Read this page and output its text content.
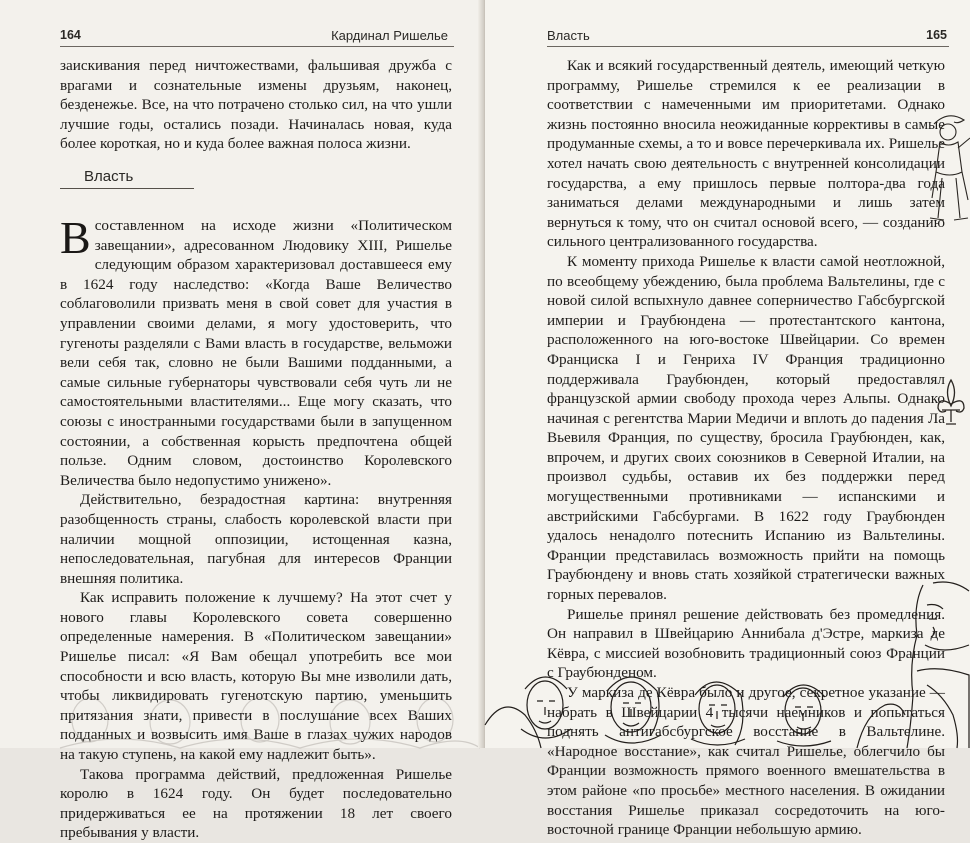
164	Кардинал Ришелье

заискивания перед ничтожествами, фальшивая дружба с врагами и сознательные измены друзьям, наконец, безденежье. Все, на что потрачено столько сил, на что ушли лучшие годы, остались позади. Начиналась новая, куда более короткая, но и куда более важная полоса жизни.

Власть

Всоставленном на исходе жизни «Политическом завещании», адресованном Людовику XIII, Ришелье следующим образом характеризовал доставшееся ему в 1624 году наследство: «Когда Ваше Величество соблаговолили призвать меня в свой совет для участия в управлении своими делами, я могу удостоверить, что гугеноты разделяли с Вами власть в государстве, вельможи вели себя так, словно не были Вашими подданными, а самые сильные губернаторы чувствовали себя чуть ли не самостоятельными властителями... Еще могу сказать, что союзы с иностранными государствами были в запущенном состоянии, а собственная корысть предпочтена общей пользе. Одним словом, достоинство Королевского Величества было недопустимо унижено».

Действительно, безрадостная картина: внутренняя разобщенность страны, слабость королевской власти при наличии мощной оппозиции, истощенная казна, непоследовательная, пагубная для интересов Франции внешняя политика.

Как исправить положение к лучшему? На этот счет у нового главы Королевского совета совершенно определенные намерения. В «Политическом завещании» Ришелье писал: «Я Вам обещал употребить все мои способности и всю власть, которую Вы мне изволили дать, чтобы ликвидировать гугенотскую партию, уменьшить притязания знати, привести в послушание всех Ваших подданных и возвысить имя Ваше в глазах чужих народов на такую ступень, на какой ему надлежит быть».

Такова программа действий, предложенная Ришелье королю в 1624 году. Он будет последовательно придерживаться ее на протяжении 18 лет своего пребывания у власти.

Власть	165

Как и всякий государственный деятель, имеющий четкую программу, Ришелье стремился к ее реализации в соответствии с намеченными им приоритетами. Однако жизнь постоянно вносила неожиданные коррективы в самые продуманные схемы, а то и вовсе перечеркивала их. Ришелье хотел начать свою деятельность с внутренней консолидации государства, а ему пришлось первые полтора-два года заниматься делами международными и лишь затем вернуться к тому, что он считал основой всего, — созданию сильного централизованного государства.

К моменту прихода Ришелье к власти самой неотложной, по всеобщему убеждению, была проблема Вальтелины, где с новой силой вспыхнуло давнее соперничество Габсбургской империи и Граубюндена — протестантского кантона, расположенного на юго-востоке Швейцарии. Со времен Франциска I и Генриха IV Франция традиционно поддерживала Граубюнден, который предоставлял французской армии свободу прохода через Альпы. Однако начиная с регентства Марии Медичи и вплоть до падения Ла Вьевиля Франция, по существу, бросила Граубюнден, как, впрочем, и других своих союзников в Северной Италии, на произвол судьбы, оставив их без поддержки перед могущественными противниками — испанскими и австрийскими Габсбургами. В 1622 году Граубюнден удалось ненадолго потеснить Испанию из Вальтелины. Франции представилась возможность прийти на помощь Граубюндену и вновь стать хозяйкой стратегически важных горных перевалов.

Ришелье принял решение действовать без промедления. Он направил в Швейцарию Аннибала д'Эстре, маркиза де Кёвра, с миссией возобновить традиционный союз Франции с Граубюнденом.

У маркиза де Кёвра было и другое, секретное указание — набрать в Швейцарии 4 тысячи наемников и попытаться поднять антигабсбургское восстание в Вальтелине. «Народное восстание», как считал Ришелье, облегчило бы Франции возможность прямого военного вмешательства в этом районе «по просьбе» местного населения. В ожидании восстания Ришелье приказал сосредоточить на юго-восточной границе Франции небольшую армию.
